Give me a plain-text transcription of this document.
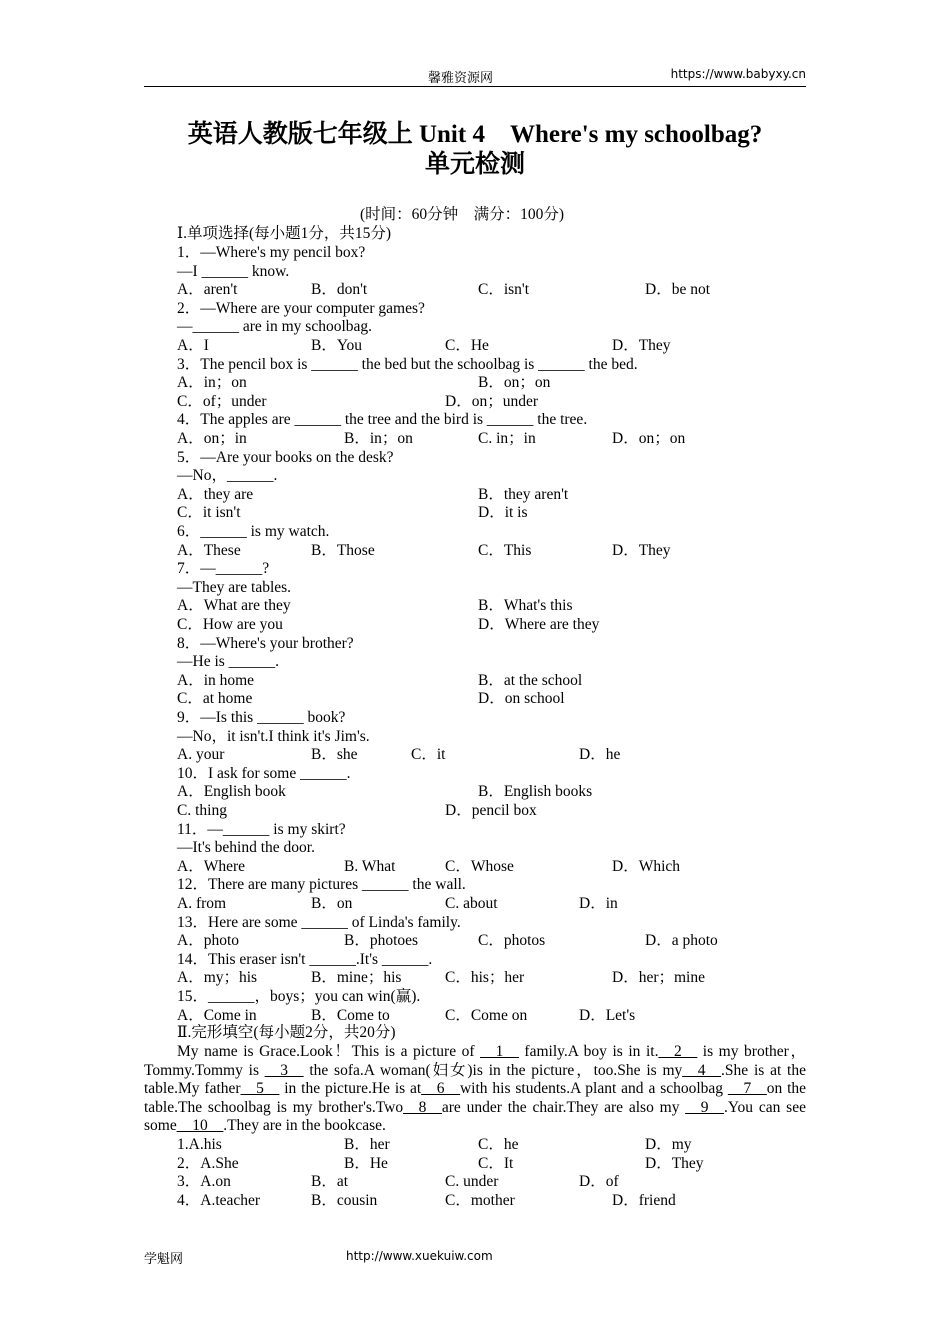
馨雅资源网	https://www.babyxy.cn
英语人教版七年级上 Unit 4　Where's my schoolbag?
单元检测
(时间：60分钟　满分：100分)
Ⅰ.单项选择(每小题1分，共15分)
1．—Where's my pencil box?
—I ______ know.
A．aren't	B．don't	C．isn't	D．be not
2．—Where are your computer games?
—______ are in my schoolbag.
A．I	B．You	C．He	D．They
3．The pencil box is ______ the bed but the schoolbag is ______ the bed.
A．in；on	B．on；on
C．of；under	D．on；under
4．The apples are ______ the tree and the bird is ______ the tree.
A．on；in	B．in；on	C. in；in	D．on；on
5．—Are your books on the desk?
—No，______.
A．they are	B．they aren't
C．it isn't	D．it is
6．______ is my watch.
A．These	B．Those	C．This	D．They
7．—______?
—They are tables.
A．What are they	B．What's this
C．How are you	D．Where are they
8．—Where's your brother?
—He is ______.
A．in home	B．at the school
C．at home	D．on school
9．—Is this ______ book?
—No，it isn't.I think it's Jim's.
A. your	B．she	C．it	D．he
10．I ask for some ______.
A．English book	B．English books
C. thing	D．pencil box
11．—______ is my skirt?
—It's behind the door.
A．Where	B. What	C．Whose	D．Which
12．There are many pictures ______ the wall.
A. from	B．on	C. about	D．in
13．Here are some ______ of Linda's family.
A．photo	B．photoes	C．photos	D．a photo
14．This eraser isn't ______.It's ______.
A．my；his	B．mine；his	C．his；her	D．her；mine
15．______，boys；you can win(赢).
A．Come in	B．Come to	C．Come on	D．Let's
Ⅱ.完形填空(每小题2分，共20分)
My name is Grace.Look！This is a picture of __1__ family.A boy is in it.__2__ is my brother，Tommy.Tommy is __3__ the sofa.A woman(妇女)is in the picture，too.She is my__4__.She is at the table.My father__5__ in the picture.He is at__6__with his students.A plant and a schoolbag __7__on the table.The schoolbag is my brother's.Two__8__are under the chair.They are also my __9__.You can see some__10__.They are in the bookcase.
1.A.his	B．her	C．he	D．my
2．A.She	B．He	C．It	D．They
3．A.on	B．at	C. under	D．of
4．A.teacher	B．cousin	C．mother	D．friend
学魁网	http://www.xuekuiw.com
